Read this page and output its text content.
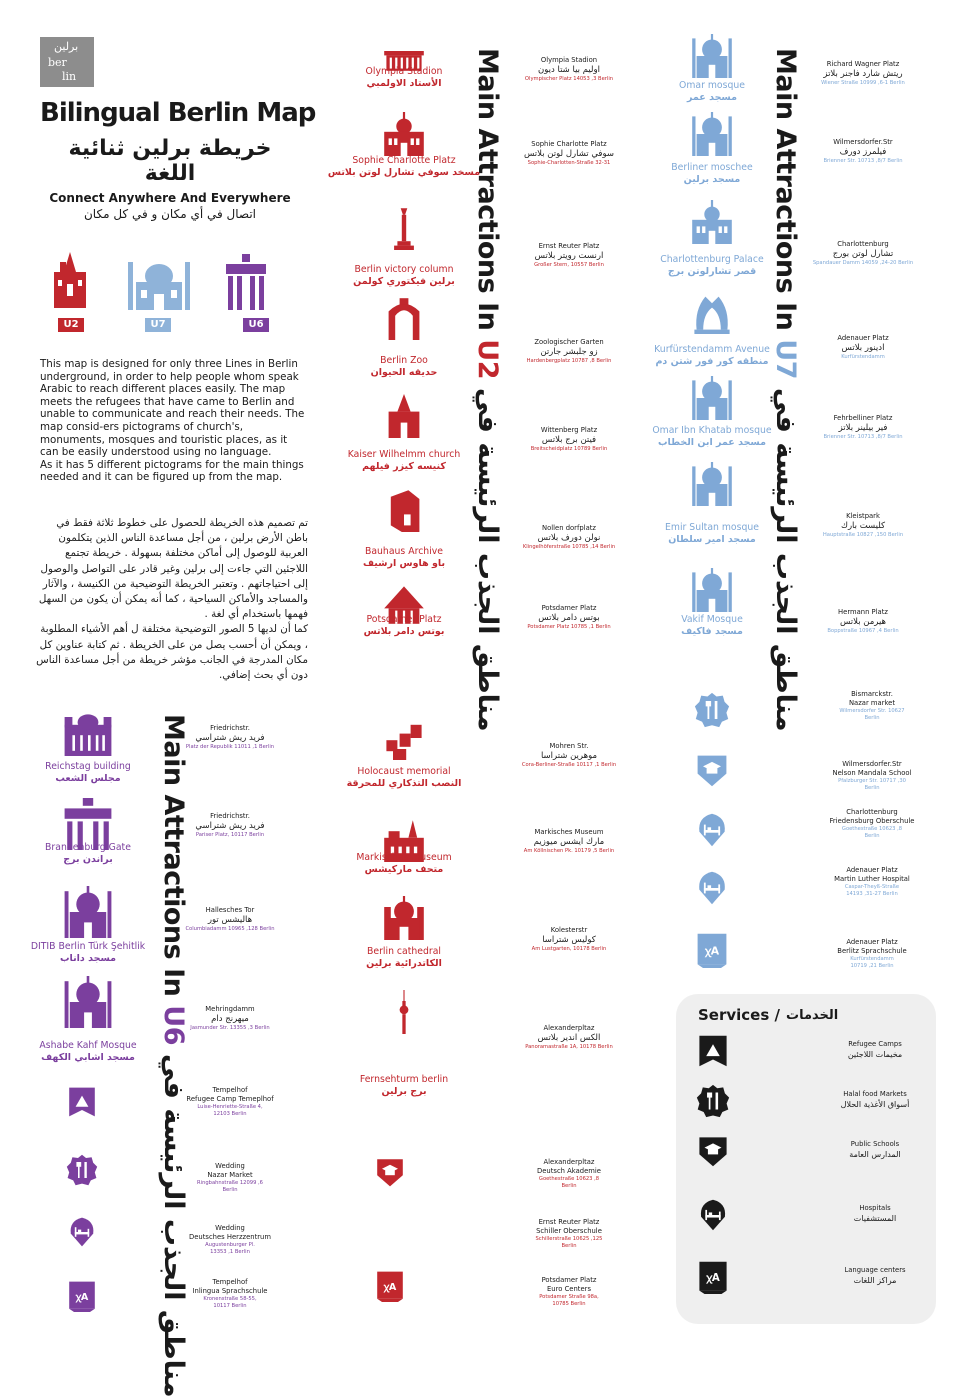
برلين
ber
lin
Bilingual Berlin Map
خريطة برلين ثنائية اللغة
Connect Anywhere And Everywhere
اتصال في أي مكان و في كل مكان
U2	U7	U6
This map is designed for only three Lines in Berlin underground, in order to help people whom speak Arabic to reach different places easily. The map meets the refugees that have came to Berlin and unable to communicate and reach their needs. The map consid-ers pictograms of church's, monuments, mosques and touristic places, as it can be easily understood using no language.
As it has 5 different pictograms for the main things needed and it can be figured up from the map.
تم تصميم هذه الخريطة للحصول على خطوط ثلاثة فقط في باطن الأرض برلين ، من أجل مساعدة الناس الذين يتكلمون العربية للوصول إلى أماكن مختلفة بسهولة . خريطة تجتمع اللاجئين التي جاءت إلى برلين وغير قادر على التواصل والوصول إلى احتياجاتهم . وتعتبر الخريطة التوضيحية من الكنيسة ، والآثار والمساجد والأماكن السياحية ، كما أنه يمكن أن يكون من السهل فهمها باستخدام أي لغة .
كما أن لديها 5 الصور التوضيحية مختلفة ل أهم الأشياء المطلوبة ، ويمكن أن أحسب يصل من على الخريطة . ثم كتابة عناوين كل مكان المدرجة في الجانب مؤشر خريطة من أجل مساعدة الناس دون أي بحث إضافي.
Main Attractions In U2 مناطق الجذب الرئيسة في
Main Attractions In U7 مناطق الجذب الرئيسة في
Main Attractions In U6 مناطق الجذب الرئيسة في
Services / الخدمات
Olympia Stadion
الأستاد الاولمبي
Sophie Charlotte Platz
مسخد سوفي تشارل لوتن بلاتس
Berlin victory column
برلين فيكتوري كولمن
Berlin Zoo
حديقه الحيوان
Kaiser Wilhelmm church
كنيسه كيزر فيلهم
Bauhaus Archive
باو هاوس ارشيف
Potsdamer Platz
بوتس دامر بلاتس
Omar mosque
مسجد عمر
Berliner moschee
مسجد برلين
Charlottenburg Palace
قصر تشارلوتن برج
Kurfürstendamm Avenue
منطقه كور فور شتن دم
Omar Ibn Khatab mosque
مسجد عمر ابن الخطاب
Emir Sultan mosque
مسجد امير سلطان
Vakif Mosque
مسجد فاكيف
Reichstag building
مجلس الشعب
Brandenburg Gate
براندن برج
DITIB Berlin Türk Şehitlik
مسجد داناب
Ashabe Kahf Mosque
مسجد اشابي الكهف
Holocaust memorial
النصب التذكاري للمحرقة
Markisches museum
متحف ماركيشس
Berlin cathedral
الكاتدرائية برلين
Fernsehturm berlin
برج برلين
Olympia Stadion
اوليم بيا شتا ديون
Olympischer Platz 14053 ,3 Berlin
Sophie Charlotte Platz
سوفي تشارل لوتن بلاتس
Sophie-Charlotten-Straße 32-31
Ernst Reuter Platz
ارنست رويتر بلاتس
Großer Stern, 10557 Berlin
Zoologischer Garten
زو جلبشر جارتن
Hardenbergplatz 10787 ,8 Berlin
Wittenberg Platz
فيتن برج بلاتس
Breitscheidplatz 10789 Berlin
Nollen dorfplatz
نولن دورف بلاتس
Klingelhöferstraße 10785 ,14 Berlin
Potsdamer Platz
بوتس دامر بلاتس
Potsdamer Platz 10785 ,1 Berlin
Richard Wagner Platz
ريتش شارد فاجنر بلاتز
Wiener Straße 10999 ,6-1 Berlin
Wilmersdorfer.Str
فيلمرز دورف
Brienner Str. 10713 ,8/7 Berlin
Charlottenburg
تشارل لوتن بورج
Spandauer Damm 14059 ,24-20 Berlin
Adenauer Platz
ادينور بلاتس
Kurfürstendamm
Fehrbelliner Platz
فير بيلينر بلاتز
Brienner Str. 10713 ,8/7 Berlin
Kleistpark
كليست بارك
Hauptstraße 10827 ,150 Berlin
Hermann Platz
هيرمن بلاتس
Boppstraße 10967 ,4 Berlin
Friedrichstr.
فريد ريش شتراسي
Platz der Republik 11011 ,1 Berlin
Friedrichstr.
فريد ريش شتراسي
Pariser Platz, 10117 Berlin
Hallesches Tor
هاليشس تور
Columbiadamm 10965 ,128 Berlin
Mehringdamm
ميهرنج دام
Jasmunder Str. 13355 ,3 Berlin
Tempelhof
Refugee Camp Temeplhof
Luise-Henriette-Straße 4,
12103 Berlin
Wedding
Nazar Market
Ringbahnstraße 12099 ,6
Berlin
Wedding
Deutsches Herzzentrum
Augustenburger Pl.
13353 ,1 Berlin
Tempelhof
Inlingua Sprachschule
Kronenstraße 58-55,
10117 Berlin
Mohren Str.
موهرين شتراسا
Cora-Berliner-Straße 10117 ,1 Berlin
Markisches Museum
مارك ايشس ميوزيم
Am Köllnischen Pk. 10179 ,5 Berlin
Kolesterstr
كوليس شتراسا
Am Lustgarten, 10178 Berlin
Alexanderpltaz
الكس اندير بلاتس
Panoramastraße 1A, 10178 Berlin
Alexanderpltaz
Deutsch Akademie
Goethestraße 10623 ,8
Berlin
Ernst Reuter Platz
Schiller Oberschule
Schillerstraße 10625 ,125
Berlin
Potsdamer Platz
Euro Centers
Potsdamer Straße 98a,
10785 Berlin
Bismarckstr.
Nazar market
Wilmersdorfer Str. 10627
Berlin
Wilmersdorfer.Str
Nelson Mandala School
Pfalzburger Str. 10717 ,30
Berlin
Charlottenburg
Friedensburg Oberschule
Goethestraße 10623 ,8
Berlin
Adenauer Platz
Martin Luther Hospital
Caspar-Theyß-Straße
14193 ,31-27 Berlin
Adenauer Platz
Berlitz Sprachschule
Kurfürstendamm
10719 ,21 Berlin
ꭓA
ꭓA
ꭓA
Refugee Camps
مخيمات اللاجئين
Halal food Markets
أسواق الأغذية الحلال
Public Schools
المدارس العامة
Hospitals
المستشفيات
ꭓA
Language centers
مراكز اللغات
